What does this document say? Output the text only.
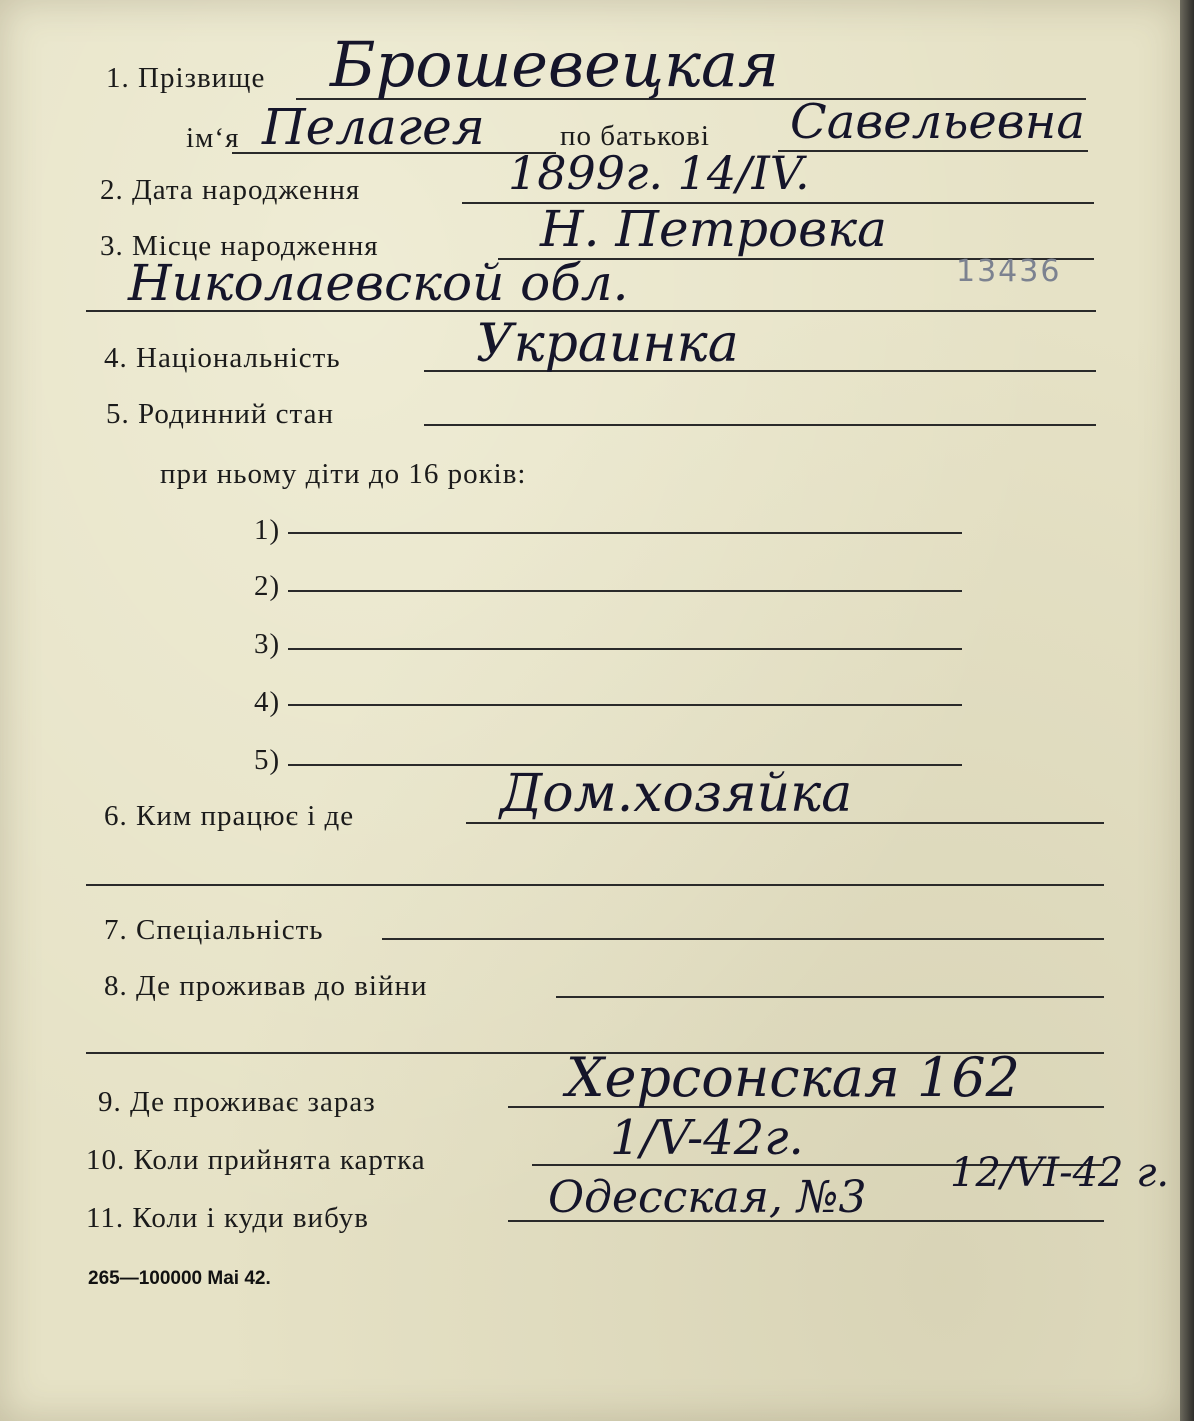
1. Прізвище Брошевецкая
ім‘я Пелагея	по батькові Савельевна
2. Дата народження	1899г. 14/IV.
3. Місце народження	Н. Петровка
Николаевской обл.	13436
4. Національність	Украинка
5. Родинний стан
при ньому діти до 16 років:
1)
2)
3)
4)
5)
6. Ким працює і де	Дом.хозяйка
7. Спеціальність
8. Де проживав до війни
9. Де проживає зараз	Херсонская 162
10. Коли прийнята картка	1/V-42г.
11. Коли і куди вибув	Одесская, №3 12/VI-42 г.
265—100000 Mai 42.
